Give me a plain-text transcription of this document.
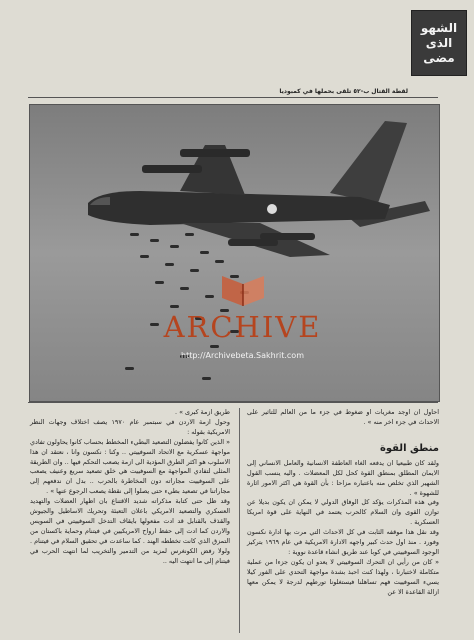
الشهو
الذى
مضى
لقطة القتال ب-٥٢ تلقى بحملها في كمبوديا
ARCHIVE
http://Archivebeta.Sakhrit.com

احاول ان اوجد مغريات او ضغوط في جزء ما من العالم للتاثير على الاحداث في جزء اخر منه » .

منطق القوة

ولقد كان طبيعيا ان يدفعه الغاء العاطفة الانسانية والعامل الانساني إلى الايمان المطلق بمنطق القوة كحل لكل المعضلات . واليه ينسب القول الشهير الذي تخلص منه باعتباره مزاحا : بأن القوة هي اكثر الامور اثارة للشهوة » .

وفي هذه المذكرات يؤكد كل الوفاق الدولي لا يمكن ان يكون بديلا عن توازن القوى وان السلام كالحرب يعتمد في النهاية على قوة امريكا العسكرية .

وقد نقل هذا موقفه الثابت في كل الاحداث التي مرت بها ادارة نكسون وفورد . منذ اول حدث كبير واجهه الادارة الامريكية في عام ١٩٦٩ بتركيز الوجود السوفييتي في كوبا عند طريق انشاء قاعدة نووية :

« كان من رأيي ان التحرك السوفييتي لا يعدو ان يكون جزءا من عملية متكاملة لاختبارنا ، ولهذا كنت احبذ بشدة مواجهة التحدي على الفور كيلا يسيء السوفييت فهم تساهلنا فيستغلونا تورطهم لدرجة لا يمكن معها ازالة القاعدة الا عن

طريق ازمة كبرى » .

وحول ازمة الاردن في سبتمبر عام ١٩٧٠ يصف اختلاف وجهات النظر الامريكية بقوله :

« الذين كانوا يفضلون التصعيد البطيء المخطط بحساب كانوا يحاولون تفادي مواجهة عسكرية مع الاتحاد السوفييتي .. وكنا : نكسون وانا ، نعتقد ان هذا الاسلوب هو اكثر الطرق المؤدية الى ازمة يصعب التحكم فيها .. وان الطريقة المثلى لتفادي المواجهة مع السوفييت هي خلق تصعيد سريع وعنيف يصعب على السوفييت مجاراته دون المخاطرة بالحرب .. بدل ان ندفعهم إلى مجاراتنا في تصعيد بطيء حتى يصلوا إلى نقطة يصعب الرجوع عنها » .

وقد ظل حتى كتابة مذكراته شديد الاقتناع بان اظهار العضلات والتهديد العسكري والتصعيد الامريكي باعلان التعبئة وتحريك الاساطيل والجيوش والقذف بالقنابل قد ادت مفعولها بايقاف التدخل السوفييتي في السويس والاردن كما ادت إلى حفظ ارواح الامريكيين في فيتنام وحماية باكستان من التمزق الذي كانت تخططه الهند . كما ساعدت في تحقيق السلام في فيتنام . ولولا رفض الكونغرس لمزيد من التدمير والتخريب لما انتهت الحرب في فيتنام إلى ما انتهت اليه ..
